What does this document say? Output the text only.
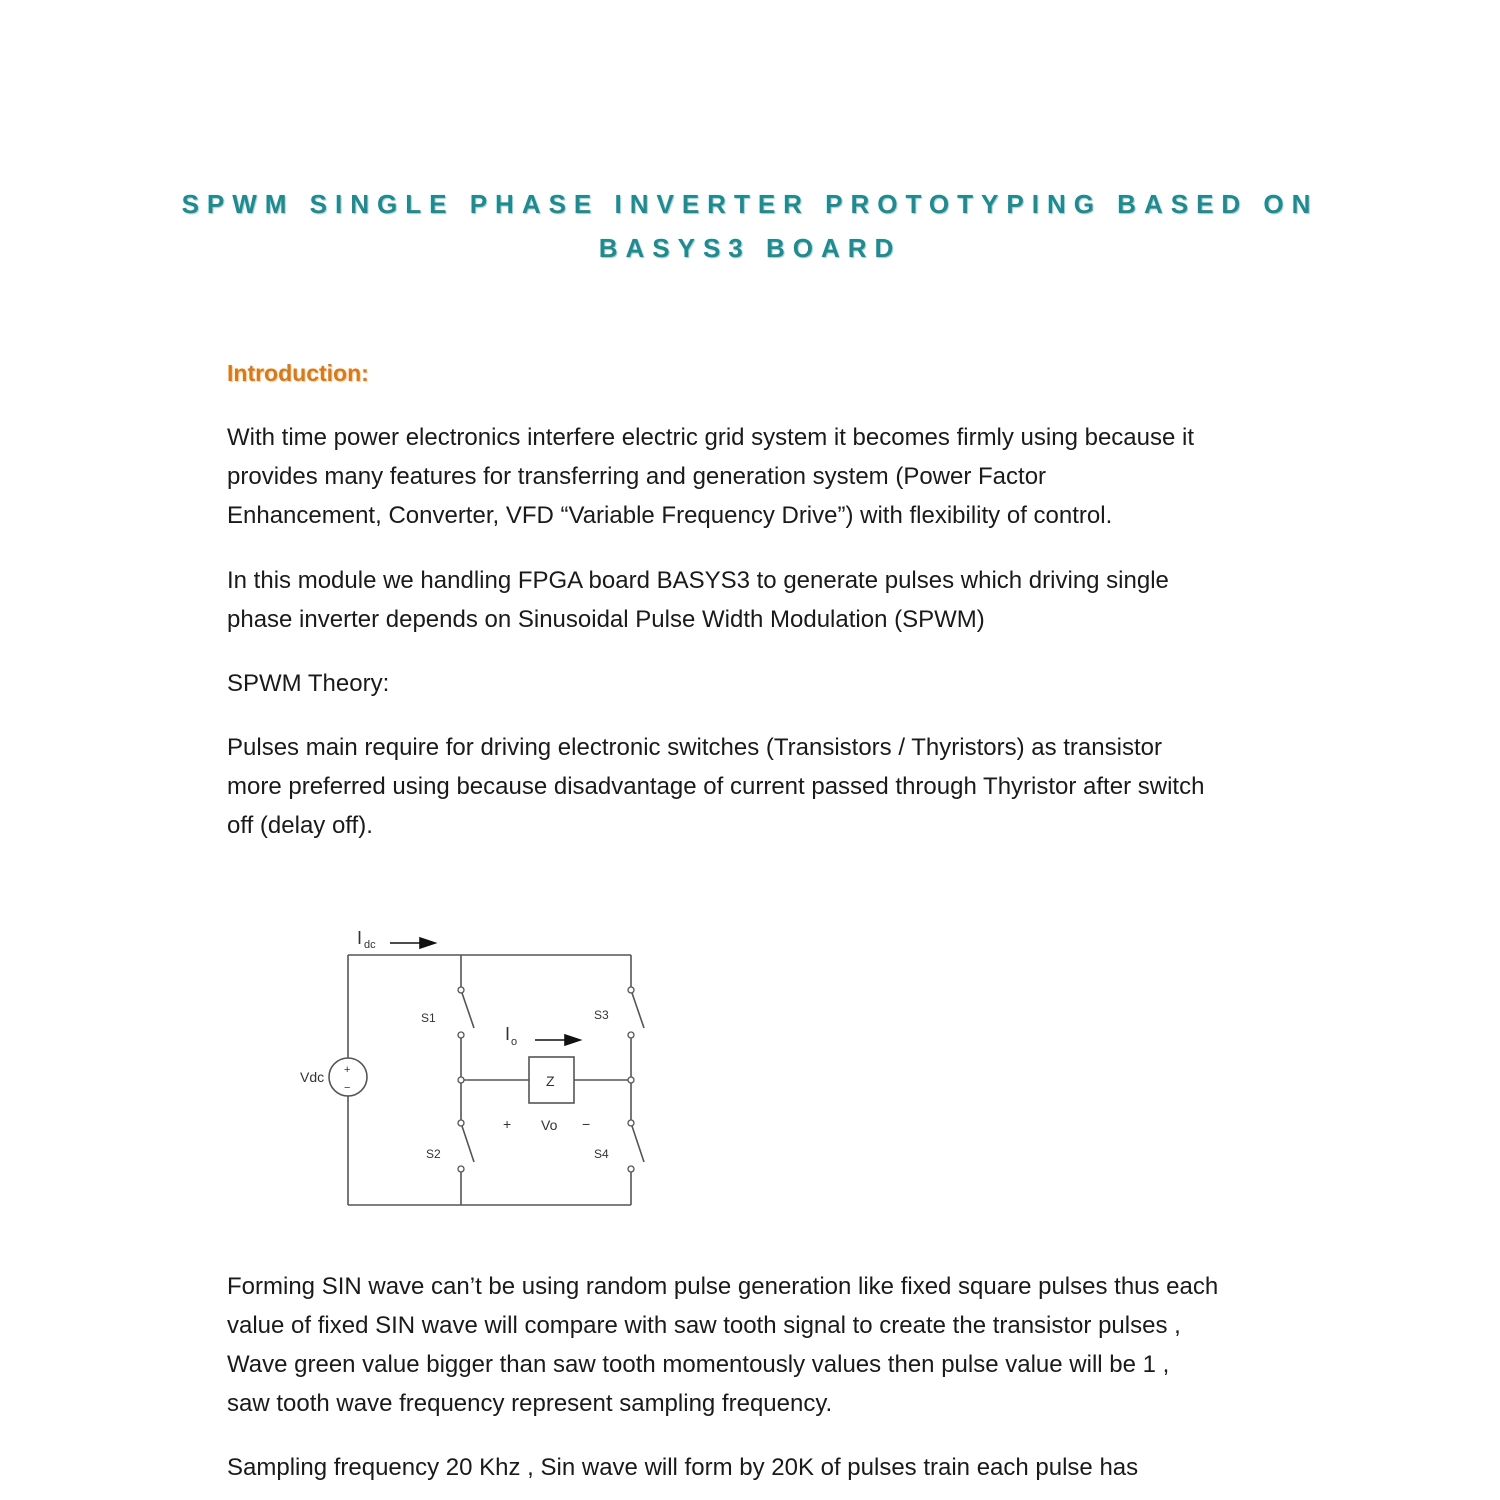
SPWM SINGLE PHASE INVERTER PROTOTYPING BASED ON
BASYS3 BOARD
Introduction:
With time power electronics interfere electric grid system it becomes firmly using because it
provides many features for transferring and generation system (Power Factor
Enhancement, Converter, VFD “Variable Frequency Drive”) with flexibility of control.
In this module we handling FPGA board BASYS3 to generate pulses which driving single
phase inverter depends on Sinusoidal Pulse Width Modulation (SPWM)
SPWM Theory:
Pulses main require for driving electronic switches (Transistors / Thyristors) as transistor
more preferred using because disadvantage of current passed through Thyristor after switch
off (delay off).
I dc
I o
Vdc +
−
S1
S2
S3
S4
Z
+ Vo −
Forming SIN wave can’t be using random pulse generation like fixed square pulses thus each
value of fixed SIN wave will compare with saw tooth signal to create the transistor pulses ,
Wave green value bigger than saw tooth momentously values then pulse value will be 1 ,
saw tooth wave frequency represent sampling frequency.
Sampling frequency 20 Khz , Sin wave will form by 20K of pulses train each pulse has
